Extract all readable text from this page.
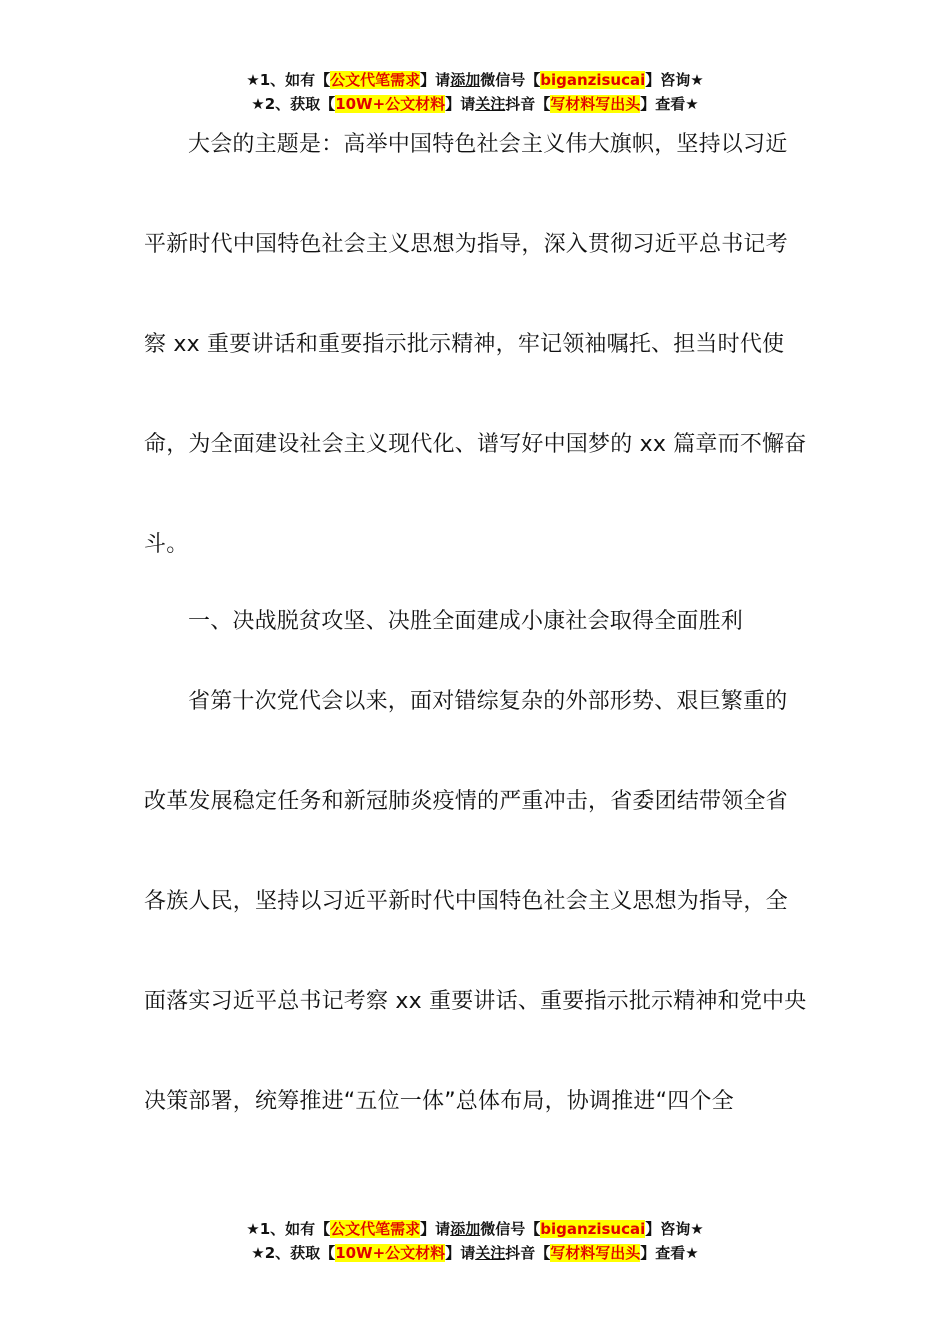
★1、如有【公文代笔需求】请添加微信号【biganzisucai】咨询★
★2、获取【10W+公文材料】请关注抖音【写材料写出头】查看★
大会的主题是：高举中国特色社会主义伟大旗帜，坚持以习近
平新时代中国特色社会主义思想为指导，深入贯彻习近平总书记考
察 xx 重要讲话和重要指示批示精神，牢记领袖嘱托、担当时代使
命，为全面建设社会主义现代化、谱写好中国梦的 xx 篇章而不懈奋
斗。
一、决战脱贫攻坚、决胜全面建成小康社会取得全面胜利
省第十次党代会以来，面对错综复杂的外部形势、艰巨繁重的
改革发展稳定任务和新冠肺炎疫情的严重冲击，省委团结带领全省
各族人民，坚持以习近平新时代中国特色社会主义思想为指导，全
面落实习近平总书记考察 xx 重要讲话、重要指示批示精神和党中央
决策部署，统筹推进“五位一体”总体布局，协调推进“四个全
★1、如有【公文代笔需求】请添加微信号【biganzisucai】咨询★
★2、获取【10W+公文材料】请关注抖音【写材料写出头】查看★
